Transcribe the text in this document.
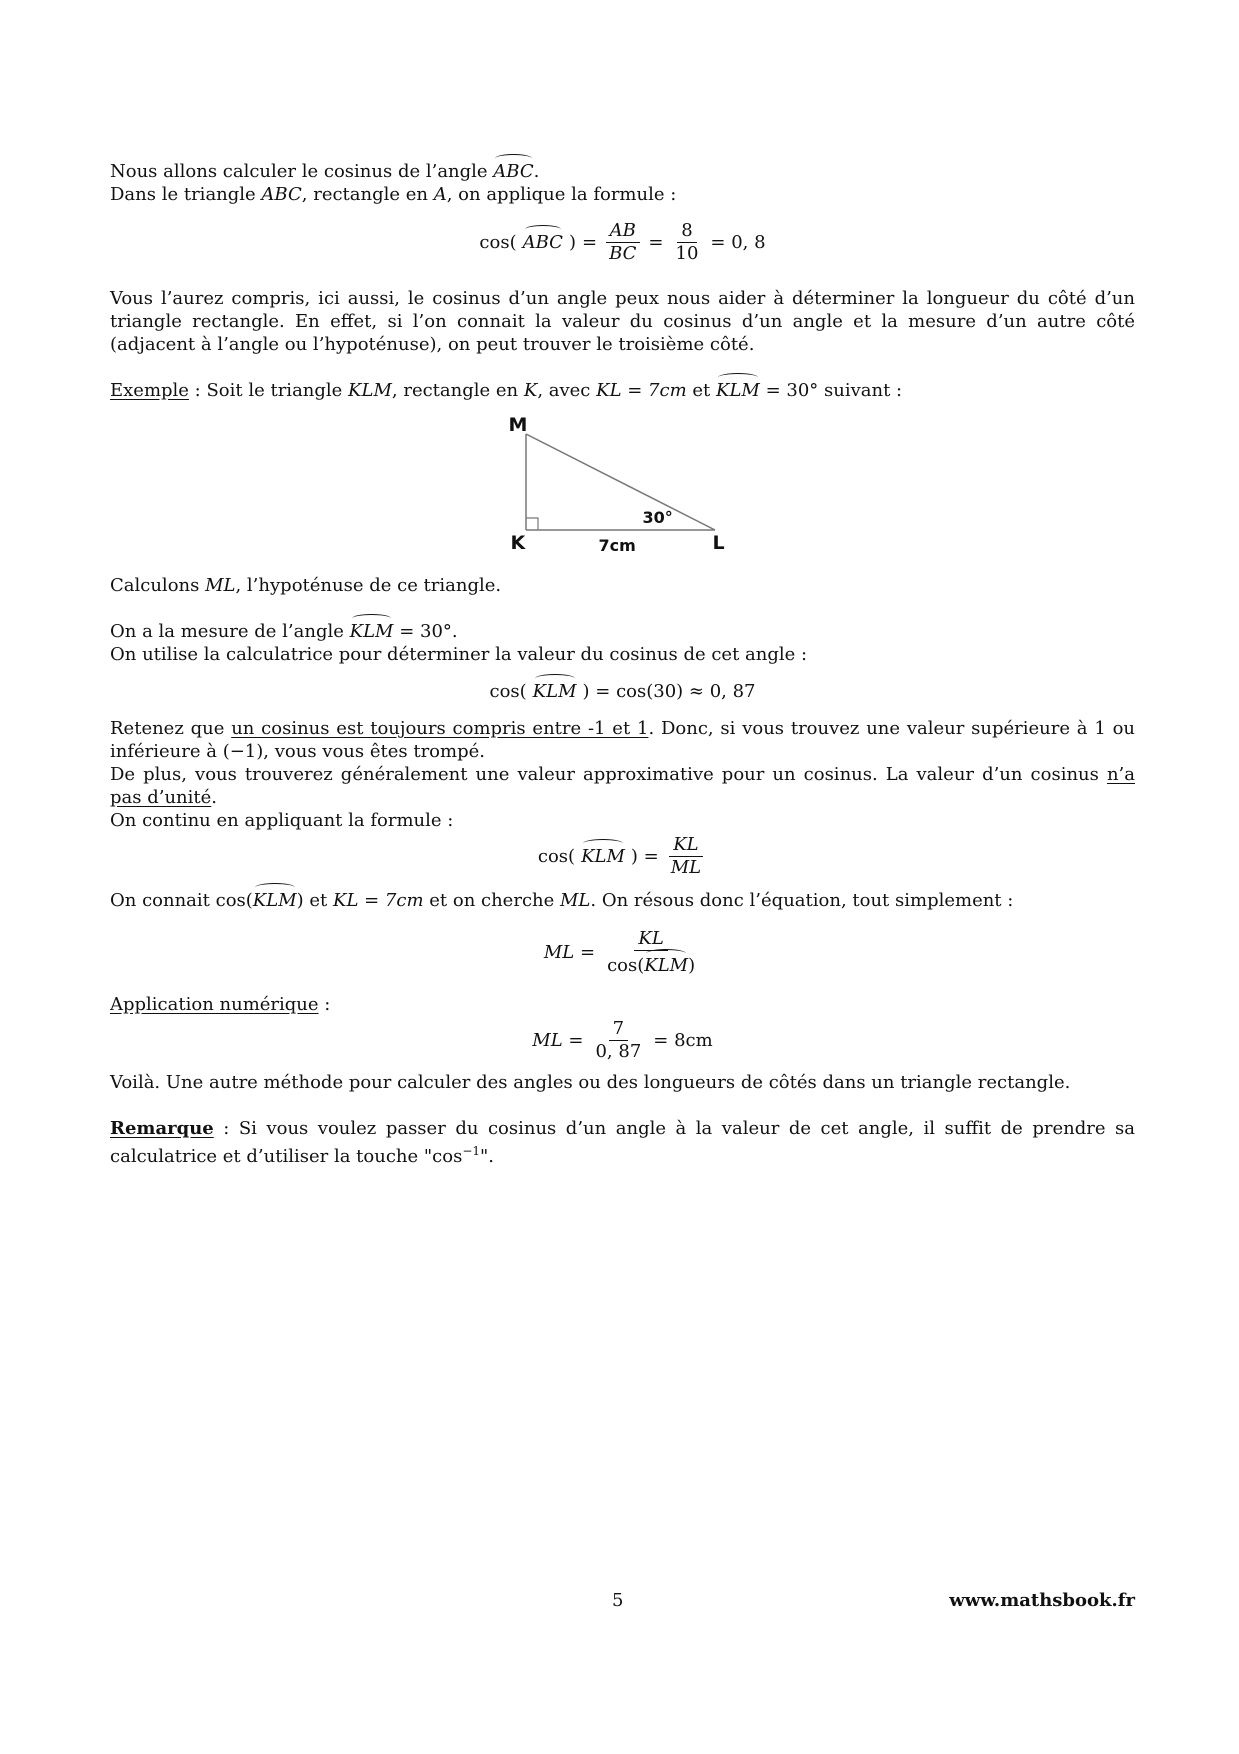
Nous allons calculer le cosinus de l’angle ABC.

Dans le triangle ABC, rectangle en A, on applique la formule :

cos( ABC ) = $\frac{AB}{BC} = \frac{8}{10} = 0$, 8

Vous l’aurez compris, ici aussi, le cosinus d’un angle peux nous aider à déterminer la longueur du côté d’un triangle rectangle. En effet, si l’on connait la valeur du cosinus d’un angle et la mesure d’un autre côté (adjacent à l’angle ou l’hypoténuse), on peut trouver le troisième côté.

Exemple : Soit le triangle KLM, rectangle en K, avec KL = 7cm et KLM = 30° suivant :

M
K	L
7cm
30°

Calculons ML, l’hypoténuse de ce triangle.

On a la mesure de l’angle KLM = 30°.

On utilise la calculatrice pour déterminer la valeur du cosinus de cet angle :

cos( KLM ) = cos(30) ≈ 0, 87

Retenez que un cosinus est toujours compris entre -1 et 1. Donc, si vous trouvez une valeur supérieure à 1 ou inférieure à (−1), vous vous êtes trompé.

De plus, vous trouverez généralement une valeur approximative pour un cosinus. La valeur d’un cosinus n’a pas d’unité.

On continu en appliquant la formule :

cos( KLM ) = $\frac{KL}{ML}$

On connait cos(KLM) et KL = 7cm et on cherche ML. On résous donc l’équation, tout simplement :

ML = $\frac{KL}{\text{cos(KLM)}}$

Application numérique :

ML = $\frac{7}{0, 87} = 8cm$

Voilà. Une autre méthode pour calculer des angles ou des longueurs de côtés dans un triangle rectangle.

Remarque : Si vous voulez passer du cosinus d’un angle à la valeur de cet angle, il suffit de prendre sa calculatrice et d’utiliser la touche "$\cos^{-1}$".

5	www.mathsbook.fr
